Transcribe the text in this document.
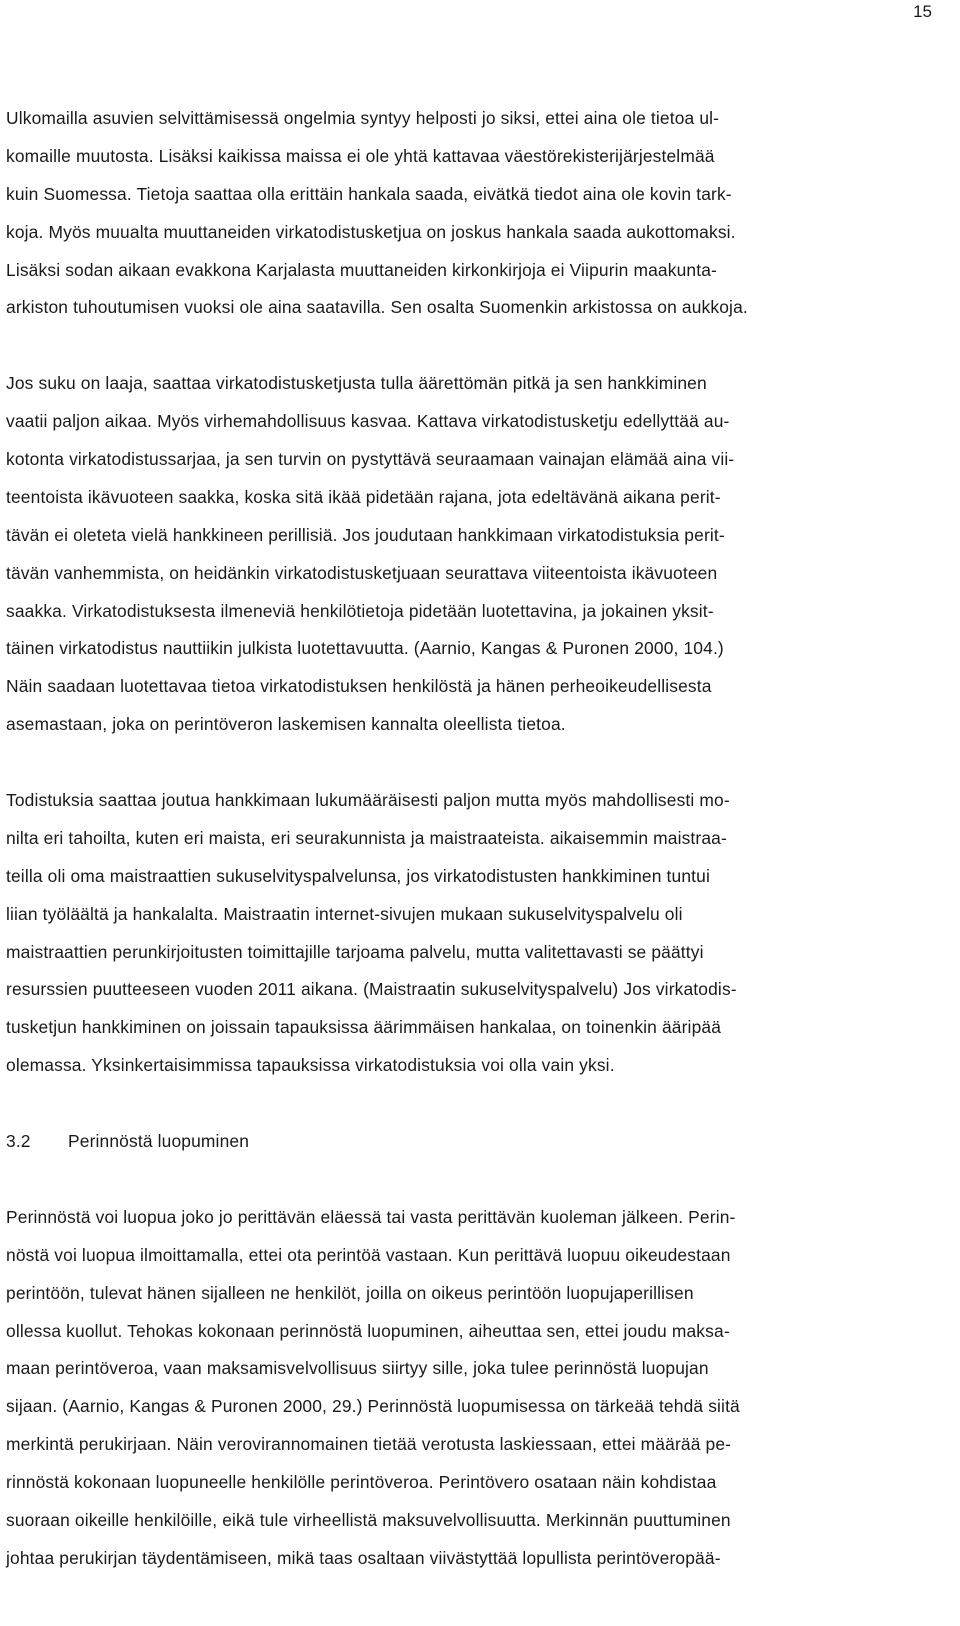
15
Ulkomailla asuvien selvittämisessä ongelmia syntyy helposti jo siksi, ettei aina ole tietoa ul-
komaille muutosta. Lisäksi kaikissa maissa ei ole yhtä kattavaa väestörekisterijärjestelmää
kuin Suomessa. Tietoja saattaa olla erittäin hankala saada, eivätkä tiedot aina ole kovin tark-
koja. Myös muualta muuttaneiden virkatodistusketjua on joskus hankala saada aukottomaksi.
Lisäksi sodan aikaan evakkona Karjalasta muuttaneiden kirkonkirjoja ei Viipurin maakunta-
arkiston tuhoutumisen vuoksi ole aina saatavilla. Sen osalta Suomenkin arkistossa on aukkoja.
Jos suku on laaja, saattaa virkatodistusketjusta tulla äärettömän pitkä ja sen hankkiminen
vaatii paljon aikaa. Myös virhemahdollisuus kasvaa. Kattava virkatodistusketju edellyttää au-
kotonta virkatodistussarjaa, ja sen turvin on pystyttävä seuraamaan vainajan elämää aina vii-
teentoista ikävuoteen saakka, koska sitä ikää pidetään rajana, jota edeltävänä aikana perit-
tävän ei oleteta vielä hankkineen perillisiä. Jos joudutaan hankkimaan virkatodistuksia perit-
tävän vanhemmista, on heidänkin virkatodistusketjuaan seurattava viiteentoista ikävuoteen
saakka. Virkatodistuksesta ilmeneviä henkilötietoja pidetään luotettavina, ja jokainen yksit-
täinen virkatodistus nauttiikin julkista luotettavuutta. (Aarnio, Kangas & Puronen 2000, 104.)
Näin saadaan luotettavaa tietoa virkatodistuksen henkilöstä ja hänen perheoikeudellisesta
asemastaan, joka on perintöveron laskemisen kannalta oleellista tietoa.
Todistuksia saattaa joutua hankkimaan lukumääräisesti paljon mutta myös mahdollisesti mo-
nilta eri tahoilta, kuten eri maista, eri seurakunnista ja maistraateista. aikaisemmin maistraa-
teilla oli oma maistraattien sukuselvityspalvelunsa, jos virkatodistusten hankkiminen tuntui
liian työläältä ja hankalalta. Maistraatin internet-sivujen mukaan sukuselvityspalvelu oli
maistraattien perunkirjoitusten toimittajille tarjoama palvelu, mutta valitettavasti se päättyi
resurssien puutteeseen vuoden 2011 aikana. (Maistraatin sukuselvityspalvelu) Jos virkatodis-
tusketjun hankkiminen on joissain tapauksissa äärimmäisen hankalaa, on toinenkin ääripää
olemassa. Yksinkertaisimmissa tapauksissa virkatodistuksia voi olla vain yksi.
3.2	Perinnöstä luopuminen
Perinnöstä voi luopua joko jo perittävän eläessä tai vasta perittävän kuoleman jälkeen. Perin-
nöstä voi luopua ilmoittamalla, ettei ota perintöä vastaan. Kun perittävä luopuu oikeudestaan
perintöön, tulevat hänen sijalleen ne henkilöt, joilla on oikeus perintöön luopujaperillisen
ollessa kuollut. Tehokas kokonaan perinnöstä luopuminen, aiheuttaa sen, ettei joudu maksa-
maan perintöveroa, vaan maksamisvelvollisuus siirtyy sille, joka tulee perinnöstä luopujan
sijaan. (Aarnio, Kangas & Puronen 2000, 29.) Perinnöstä luopumisessa on tärkeää tehdä siitä
merkintä perukirjaan. Näin verovirannomainen tietää verotusta laskiessaan, ettei määrää pe-
rinnöstä kokonaan luopuneelle henkilölle perintöveroa. Perintövero osataan näin kohdistaa
suoraan oikeille henkilöille, eikä tule virheellistä maksuvelvollisuutta. Merkinnän puuttuminen
johtaa perukirjan täydentämiseen, mikä taas osaltaan viivästyttää lopullista perintöveropää-
